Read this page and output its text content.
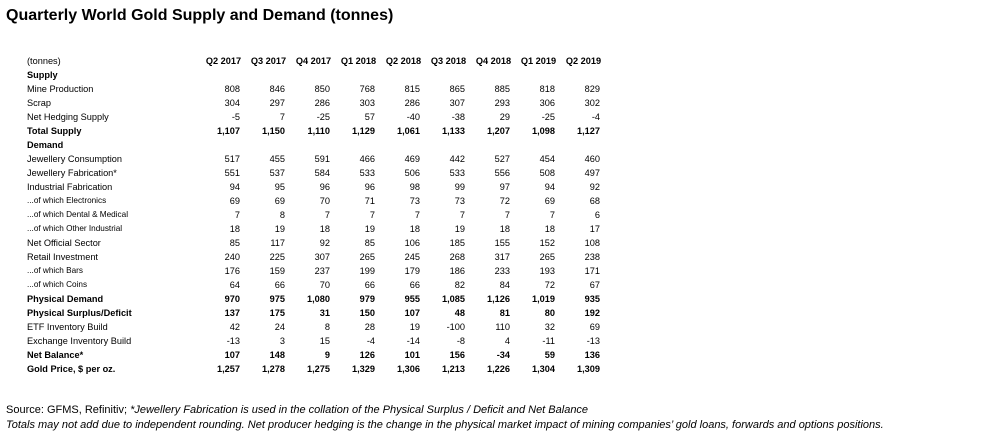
Quarterly World Gold Supply and Demand (tonnes)
(tonnes)	Q2 2017	Q3 2017	Q4 2017	Q1 2018	Q2 2018	Q3 2018	Q4 2018	Q1 2019	Q2 2019
Supply									
Mine Production	808	846	850	768	815	865	885	818	829
Scrap	304	297	286	303	286	307	293	306	302
Net Hedging Supply	-5	7	-25	57	-40	-38	29	-25	-4
Total Supply	1,107	1,150	1,110	1,129	1,061	1,133	1,207	1,098	1,127
Demand									
Jewellery Consumption	517	455	591	466	469	442	527	454	460
Jewellery Fabrication*	551	537	584	533	506	533	556	508	497
Industrial Fabrication	94	95	96	96	98	99	97	94	92
...of which Electronics	69	69	70	71	73	73	72	69	68
...of which Dental & Medical	7	8	7	7	7	7	7	7	6
...of which Other Industrial	18	19	18	19	18	19	18	18	17
Net Official Sector	85	117	92	85	106	185	155	152	108
Retail Investment	240	225	307	265	245	268	317	265	238
...of which Bars	176	159	237	199	179	186	233	193	171
...of which Coins	64	66	70	66	66	82	84	72	67
Physical Demand	970	975	1,080	979	955	1,085	1,126	1,019	935
Physical Surplus/Deficit	137	175	31	150	107	48	81	80	192
ETF Inventory Build	42	24	8	28	19	-100	110	32	69
Exchange Inventory Build	-13	3	15	-4	-14	-8	4	-11	-13
Net Balance*	107	148	9	126	101	156	-34	59	136
Gold Price, $ per oz.	1,257	1,278	1,275	1,329	1,306	1,213	1,226	1,304	1,309
Source: GFMS, Refinitiv; *Jewellery Fabrication is used in the collation of the Physical Surplus / Deficit and Net Balance
Totals may not add due to independent rounding. Net producer hedging is the change in the physical market impact of mining companies’ gold loans, forwards and options positions.
